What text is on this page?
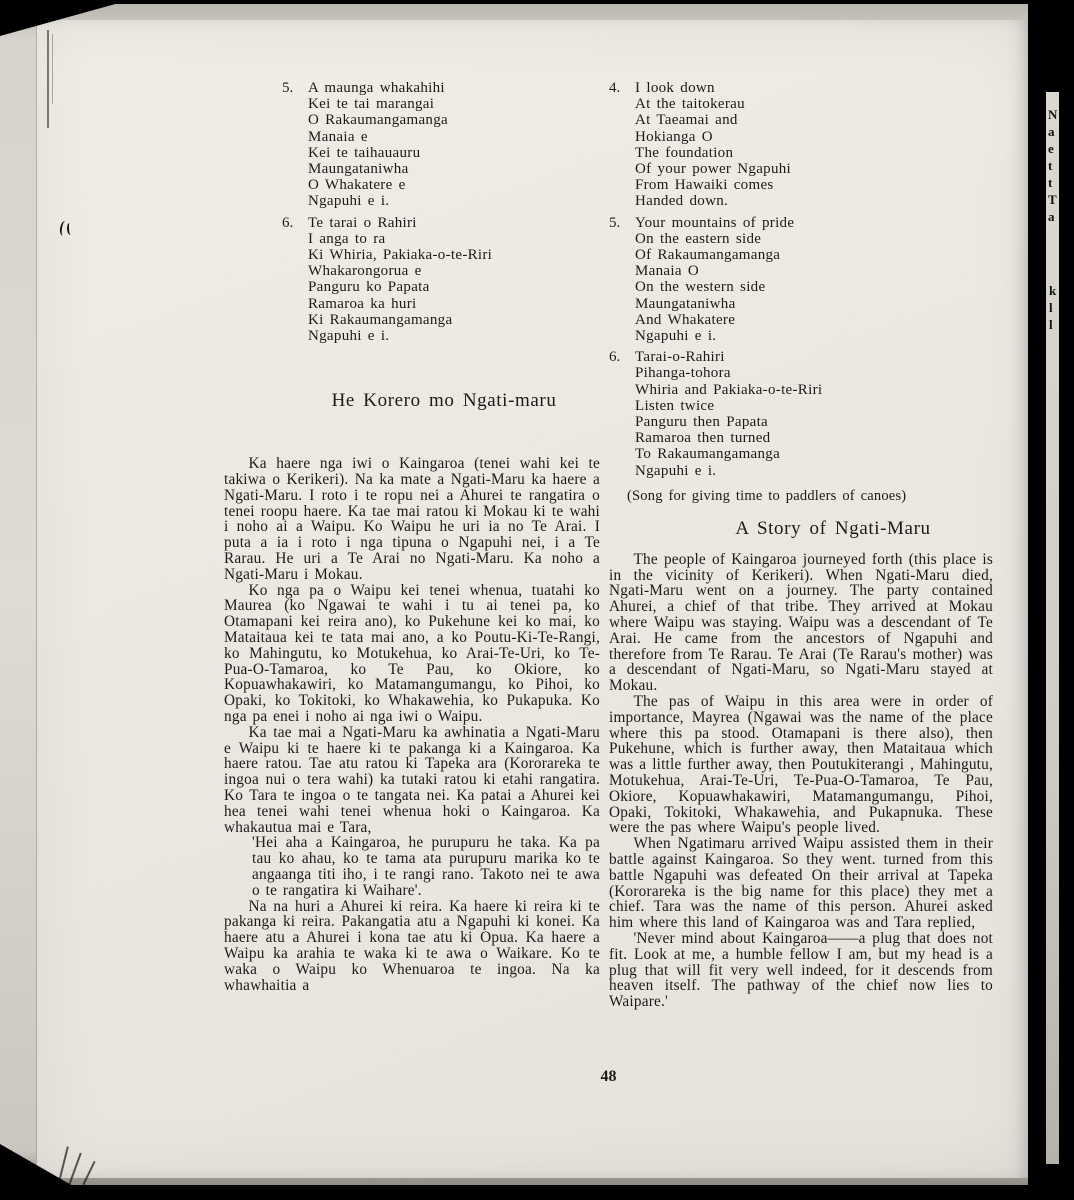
5. A maunga whakahihi
Kei te tai marangai
O Rakaumangamanga
Manaia e
Kei te taihauauru
Maungataniwha
O Whakatere e
Ngapuhi e i.
6. Te tarai o Rahiri
I anga to ra
Ki Whiria, Pakiaka-o-te-Riri
Whakarongorua e
Panguru ko Papata
Ramaroa ka huri
Ki Rakaumangamanga
Ngapuhi e i.
He Korero mo Ngati-maru

Ka haere nga iwi o Kaingaroa (tenei wahi kei te takiwa o Kerikeri). Na ka mate a Ngati-Maru ka haere a Ngati-Maru. I roto i te ropu nei a Ahurei te rangatira o tenei roopu haere. Ka tae mai ratou ki Mokau ki te wahi i noho ai a Waipu. Ko Waipu he uri ia no Te Arai. I puta a ia i roto i nga tipuna o Ngapuhi nei, i a Te Rarau. He uri a Te Arai no Ngati-Maru. Ka noho a Ngati-Maru i Mokau.

Ko nga pa o Waipu kei tenei whenua, tuatahi ko Maurea (ko Ngawai te wahi i tu ai tenei pa, ko Otamapani kei reira ano), ko Pukehune kei ko mai, ko Mataitaua kei te tata mai ano, a ko Poutu-Ki-Te-Rangi, ko Mahingutu, ko Motukehua, ko Arai-Te-Uri, ko Te-Pua-O-Tamaroa, ko Te Pau, ko Okiore, ko Kopuawhakawiri, ko Matamangumangu, ko Pihoi, ko Opaki, ko Tokitoki, ko Whakawehia, ko Pukapuka. Ko nga pa enei i noho ai nga iwi o Waipu.

Ka tae mai a Ngati-Maru ka awhinatia a Ngati-Maru e Waipu ki te haere ki te pakanga ki a Kaingaroa. Ka haere ratou. Tae atu ratou ki Tapeka ara (Kororareka te ingoa nui o tera wahi) ka tutaki ratou ki etahi rangatira. Ko Tara te ingoa o te tangata nei. Ka patai a Ahurei kei hea tenei wahi tenei whenua hoki o Kaingaroa. Ka whakautua mai e Tara,

'Hei aha a Kaingaroa, he purupuru he taka. Ka pa tau ko ahau, ko te tama ata purupuru marika ko te angaanga titi iho, i te rangi rano. Takoto nei te awa o te rangatira ki Waihare'.

Na na huri a Ahurei ki reira. Ka haere ki reira ki te pakanga ki reira. Pakangatia atu a Ngapuhi ki konei. Ka haere atu a Ahurei i kona tae atu ki Opua. Ka haere a Waipu ka arahia te waka ki te awa o Waikare. Ko te waka o Waipu ko Whenuaroa te ingoa. Na ka whawhaitia a

4. I look down
At the taitokerau
At Taeamai and
Hokianga O
The foundation
Of your power Ngapuhi
From Hawaiki comes
Handed down.
5. Your mountains of pride
On the eastern side
Of Rakaumangamanga
Manaia O
On the western side
Maungataniwha
And Whakatere
Ngapuhi e i.
6. Tarai-o-Rahiri
Pihanga-tohora
Whiria and Pakiaka-o-te-Riri
Listen twice
Panguru then Papata
Ramaroa then turned
To Rakaumangamanga
Ngapuhi e i.
(Song for giving time to paddlers of canoes)
A Story of Ngati-Maru

The people of Kaingaroa journeyed forth (this place is in the vicinity of Kerikeri). When Ngati-Maru died, Ngati-Maru went on a journey. The party contained Ahurei, a chief of that tribe. They arrived at Mokau where Waipu was staying. Waipu was a descendant of Te Arai. He came from the ancestors of Ngapuhi and therefore from Te Rarau. Te Arai (Te Rarau's mother) was a descendant of Ngati-Maru, so Ngati-Maru stayed at Mokau.

The pas of Waipu in this area were in order of importance, Mayrea (Ngawai was the name of the place where this pa stood. Otamapani is there also), then Pukehune, which is further away, then Mataitaua which was a little further away, then Poutukiterangi , Mahingutu, Motukehua, Arai-Te-Uri, Te-Pua-O-Tamaroa, Te Pau, Okiore, Kopuawhakawiri, Matamangumangu, Pihoi, Opaki, Tokitoki, Whakawehia, and Pukapnuka. These were the pas where Waipu's people lived.

When Ngatimaru arrived Waipu assisted them in their battle against Kaingaroa. So they went. turned from this battle Ngapuhi was defeated On their arrival at Tapeka (Kororareka is the big name for this place) they met a chief. Tara was the name of this person. Ahurei asked him where this land of Kaingaroa was and Tara replied,

'Never mind about Kaingaroa——a plug that does not fit. Look at me, a humble fellow I am, but my head is a plug that will fit very well indeed, for it descends from heaven itself. The pathway of the chief now lies to Waipare.'

48
N
a
e
t
t
T
a
k
l
l
